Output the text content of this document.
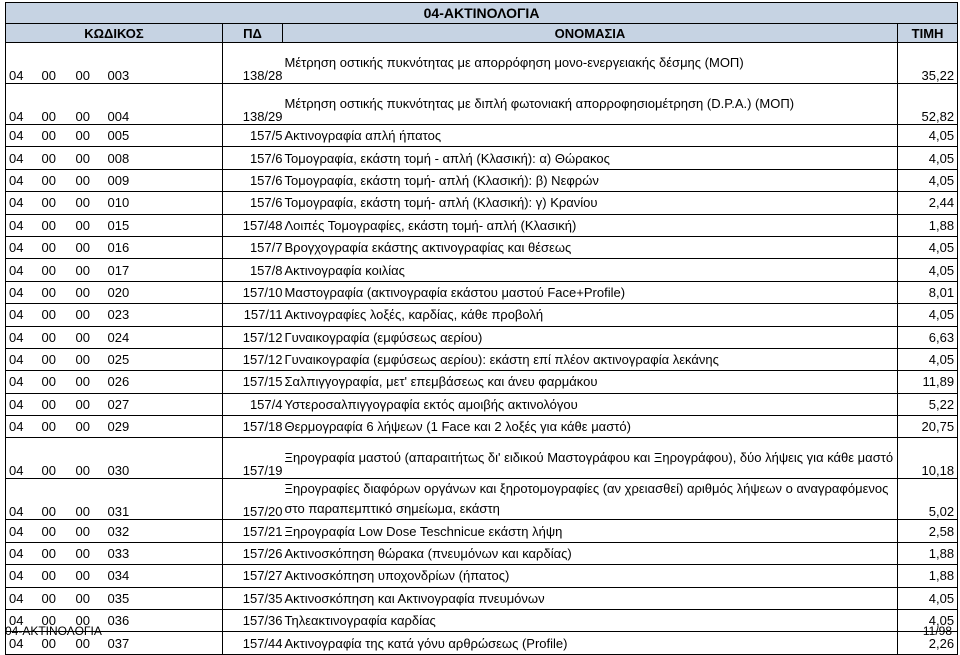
04-ΑΚΤΙΝΟΛΟΓΙΑ						
ΚΩΔΙΚΟΣ				ΠΔ	ΟΝΟΜΑΣΙΑ	ΤΙΜΗ
04	00	00	003	138/28	Μέτρηση οστικής πυκνότητας με απορρόφηση μονο-ενεργειακής δέσμης (ΜΟΠ)	35,22
04	00	00	004	138/29	Μέτρηση οστικής πυκνότητας με διπλή φωτονιακή απορροφησιομέτρηση (D.P.A.) (ΜΟΠ)	52,82
04	00	00	005	157/5	Ακτινογραφία απλή ήπατος	4,05
04	00	00	008	157/6	Τομογραφία, εκάστη τομή - απλή (Κλασική): α) Θώρακος	4,05
04	00	00	009	157/6	Τομογραφία, εκάστη τομή- απλή (Κλασική): β) Νεφρών	4,05
04	00	00	010	157/6	Τομογραφία, εκάστη τομή- απλή (Κλασική): γ) Κρανίου	2,44
04	00	00	015	157/48	Λοιπές Τομογραφίες, εκάστη τομή- απλή (Κλασική)	1,88
04	00	00	016	157/7	Βρογχογραφία εκάστης ακτινογραφίας και θέσεως	4,05
04	00	00	017	157/8	Ακτινογραφία κοιλίας	4,05
04	00	00	020	157/10	Μαστογραφία (ακτινογραφία εκάστου μαστού Face+Profile)	8,01
04	00	00	023	157/11	Ακτινογραφίες λοξές, καρδίας, κάθε προβολή	4,05
04	00	00	024	157/12	Γυναικογραφία (εμφύσεως αερίου)	6,63
04	00	00	025	157/12	Γυναικογραφία (εμφύσεως αερίου): εκάστη επί πλέον ακτινογραφία λεκάνης	4,05
04	00	00	026	157/15	Σαλπιγγογραφία, μετ' επεμβάσεως και άνευ φαρμάκου	11,89
04	00	00	027	157/4	Υστεροσαλπιγγογραφία εκτός αμοιβής ακτινολόγου	5,22
04	00	00	029	157/18	Θερμογραφία 6 λήψεων (1 Face και 2 λοξές για κάθε μαστό)	20,75
04	00	00	030	157/19	Ξηρογραφία μαστού (απαραιτήτως δι' ειδικού Μαστογράφου και Ξηρογράφου), δύο λήψεις για κάθε μαστό	10,18
04	00	00	031	157/20	Ξηρογραφίες διαφόρων οργάνων και ξηροτομογραφίες (αν χρειασθεί) αριθμός λήψεων ο αναγραφόμενος στο παραπεμπτικό σημείωμα, εκάστη	5,02
04	00	00	032	157/21	Ξηρογραφία Low Dose Teschnicue εκάστη λήψη	2,58
04	00	00	033	157/26	Ακτινοσκόπηση θώρακα (πνευμόνων και καρδίας)	1,88
04	00	00	034	157/27	Ακτινοσκόπηση υποχονδρίων (ήπατος)	1,88
04	00	00	035	157/35	Ακτινοσκόπηση και Ακτινογραφία πνευμόνων	4,05
04	00	00	036	157/36	Τηλεακτινογραφία καρδίας	4,05
04	00	00	037	157/44	Ακτινογραφία της κατά γόνυ αρθρώσεως (Profile)	2,26
04-ΑΚΤΙΝΟΛΟΓΙΑ	11/98
